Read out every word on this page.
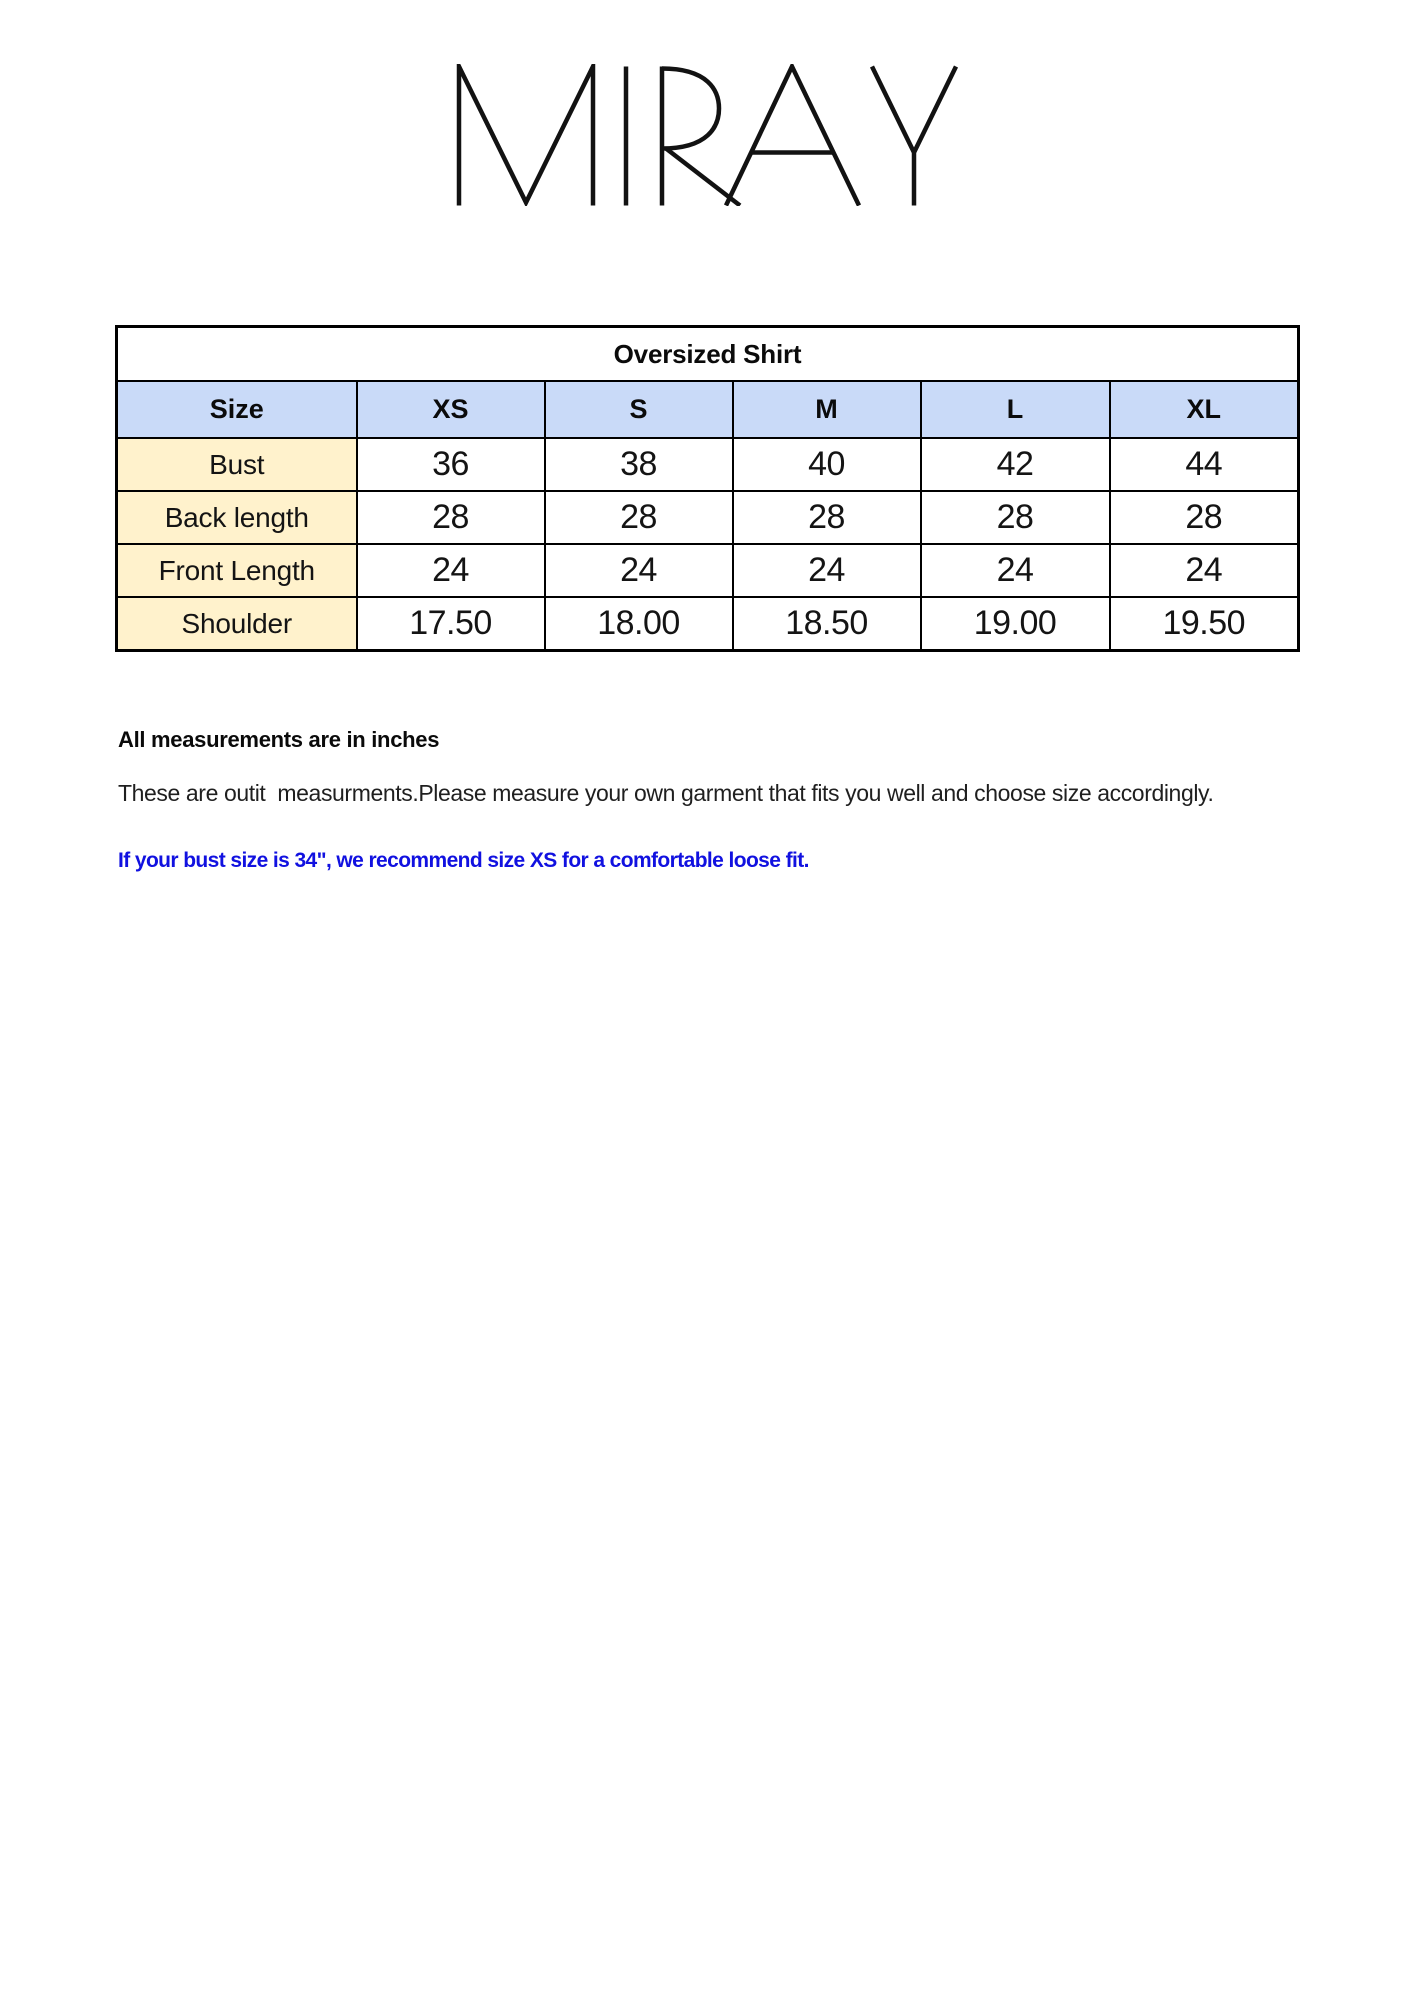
Oversized Shirt					
Size	XS	S	M	L	XL
Bust	36	38	40	42	44
Back length	28	28	28	28	28
Front Length	24	24	24	24	24
Shoulder	17.50	18.00	18.50	19.00	19.50
All measurements are in inches
These are outit  measurments.Please measure your own garment that fits you well and choose size accordingly.
If your bust size is 34", we recommend size XS for a comfortable loose fit.
